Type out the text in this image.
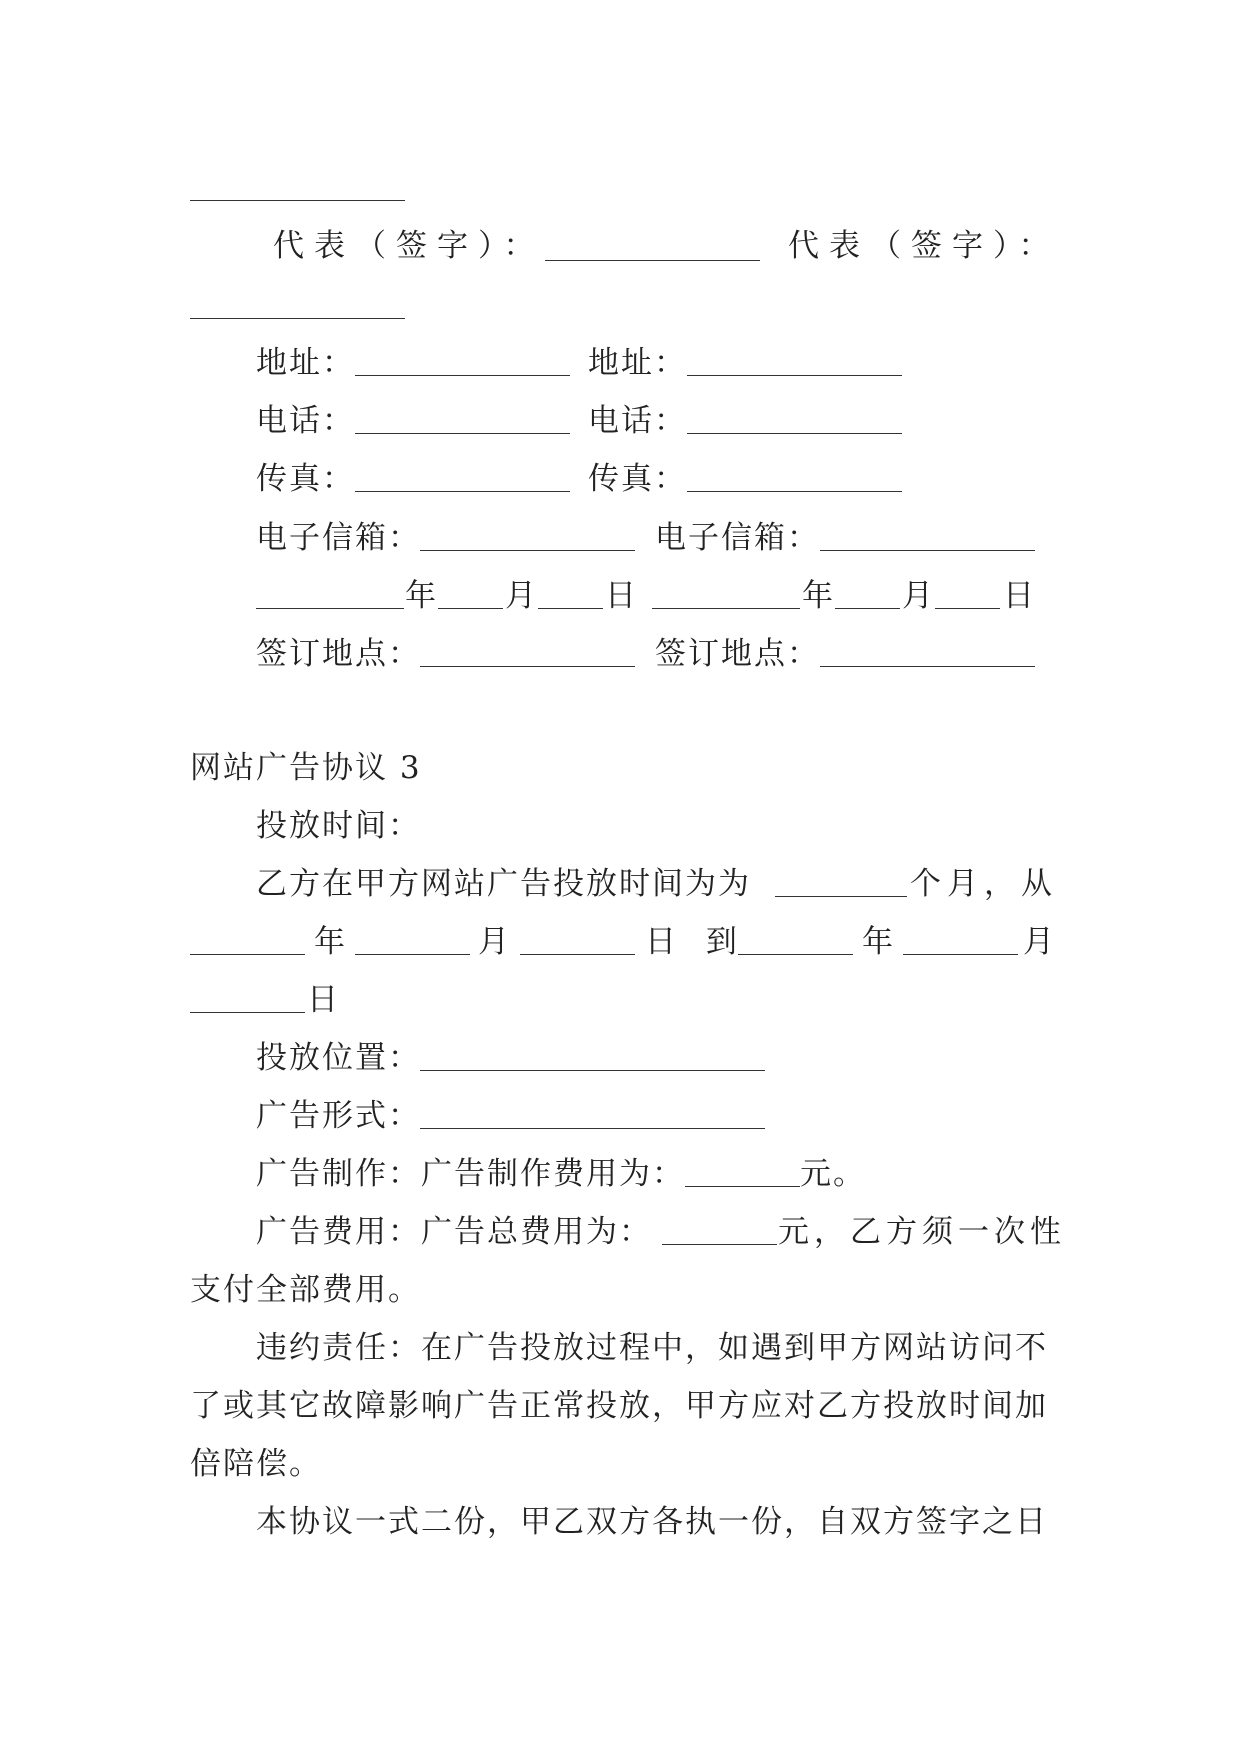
代表（签字）：	代表（签字）：
地址：	地址：
电话：	电话：
传真：	传真：
电子信箱：	电子信箱：
年 月 日	年 月 日
签订地点：	签订地点：
网站广告协议 3
投放时间：
乙方在甲方网站广告投放时间为为	个月，从
年	月	日 到	年	月
日
投放位置：
广告形式：
广告制作：广告制作费用为：	元。
广告费用：广告总费用为：	元，乙方须一次性
支付全部费用。
违约责任：在广告投放过程中，如遇到甲方网站访问不
了或其它故障影响广告正常投放，甲方应对乙方投放时间加
倍陪偿。
本协议一式二份，甲乙双方各执一份，自双方签字之日
